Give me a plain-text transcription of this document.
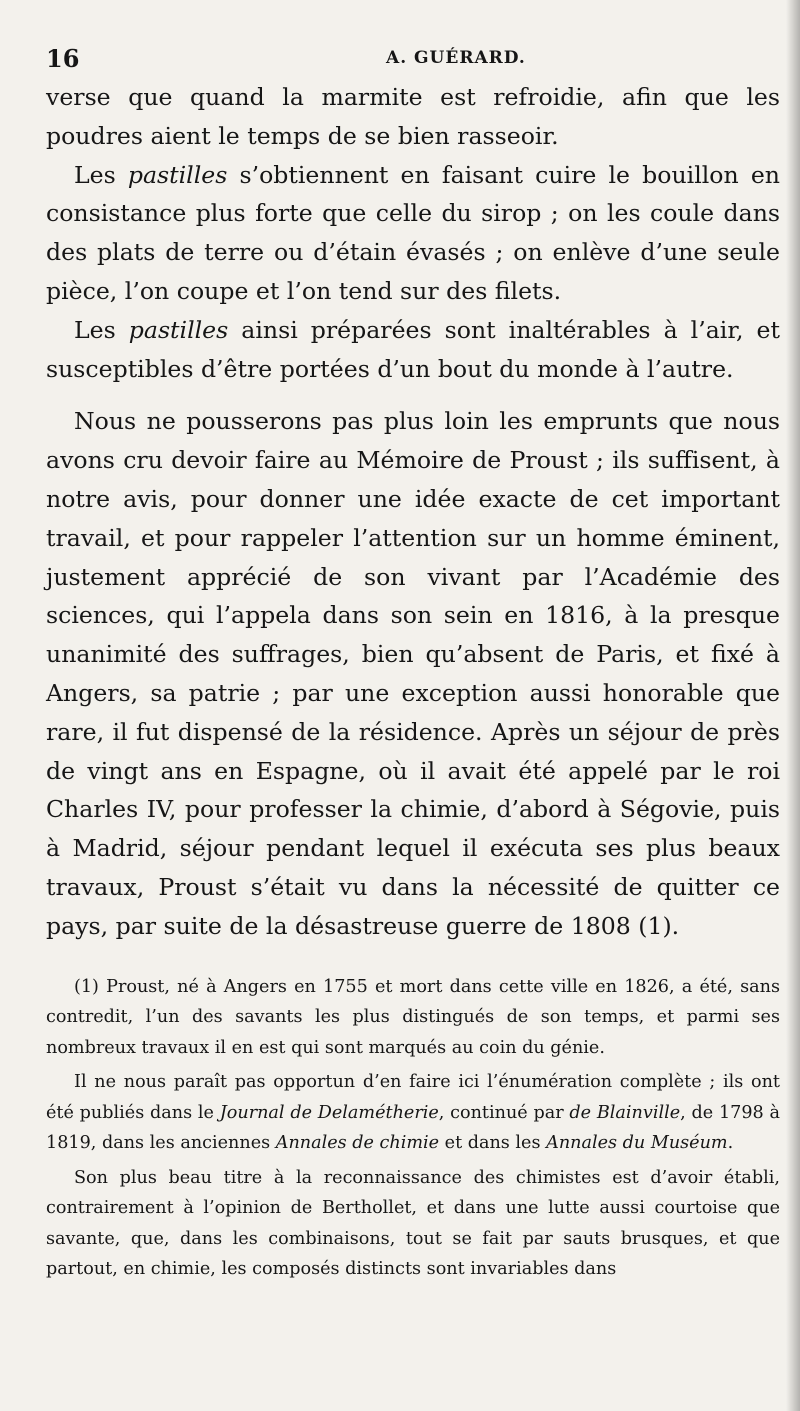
16	A. GUÉRARD.

verse que quand la marmite est refroidie, afin que les poudres aient le temps de se bien rasseoir.

Les pastilles s’obtiennent en faisant cuire le bouillon en consistance plus forte que celle du sirop ; on les coule dans des plats de terre ou d’étain évasés ; on enlève d’une seule pièce, l’on coupe et l’on tend sur des filets.

Les pastilles ainsi préparées sont inaltérables à l’air, et susceptibles d’être portées d’un bout du monde à l’autre.

Nous ne pousserons pas plus loin les emprunts que nous avons cru devoir faire au Mémoire de Proust ; ils suffisent, à notre avis, pour donner une idée exacte de cet important travail, et pour rappeler l’attention sur un homme éminent, justement apprécié de son vivant par l’Académie des sciences, qui l’appela dans son sein en 1816, à la presque unanimité des suffrages, bien qu’absent de Paris, et fixé à Angers, sa patrie ; par une exception aussi honorable que rare, il fut dispensé de la résidence. Après un séjour de près de vingt ans en Espagne, où il avait été appelé par le roi Charles IV, pour professer la chimie, d’abord à Ségovie, puis à Madrid, séjour pendant lequel il exécuta ses plus beaux travaux, Proust s’était vu dans la nécessité de quitter ce pays, par suite de la désastreuse guerre de 1808 (1).

(1) Proust, né à Angers en 1755 et mort dans cette ville en 1826, a été, sans contredit, l’un des savants les plus distingués de son temps, et parmi ses nombreux travaux il en est qui sont marqués au coin du génie.

Il ne nous paraît pas opportun d’en faire ici l’énumération complète ; ils ont été publiés dans le Journal de Delamétherie, continué par de Blainville, de 1798 à 1819, dans les anciennes Annales de chimie et dans les Annales du Muséum.

Son plus beau titre à la reconnaissance des chimistes est d’avoir établi, contrairement à l’opinion de Berthollet, et dans une lutte aussi courtoise que savante, que, dans les combinaisons, tout se fait par sauts brusques, et que partout, en chimie, les composés distincts sont invariables dans
